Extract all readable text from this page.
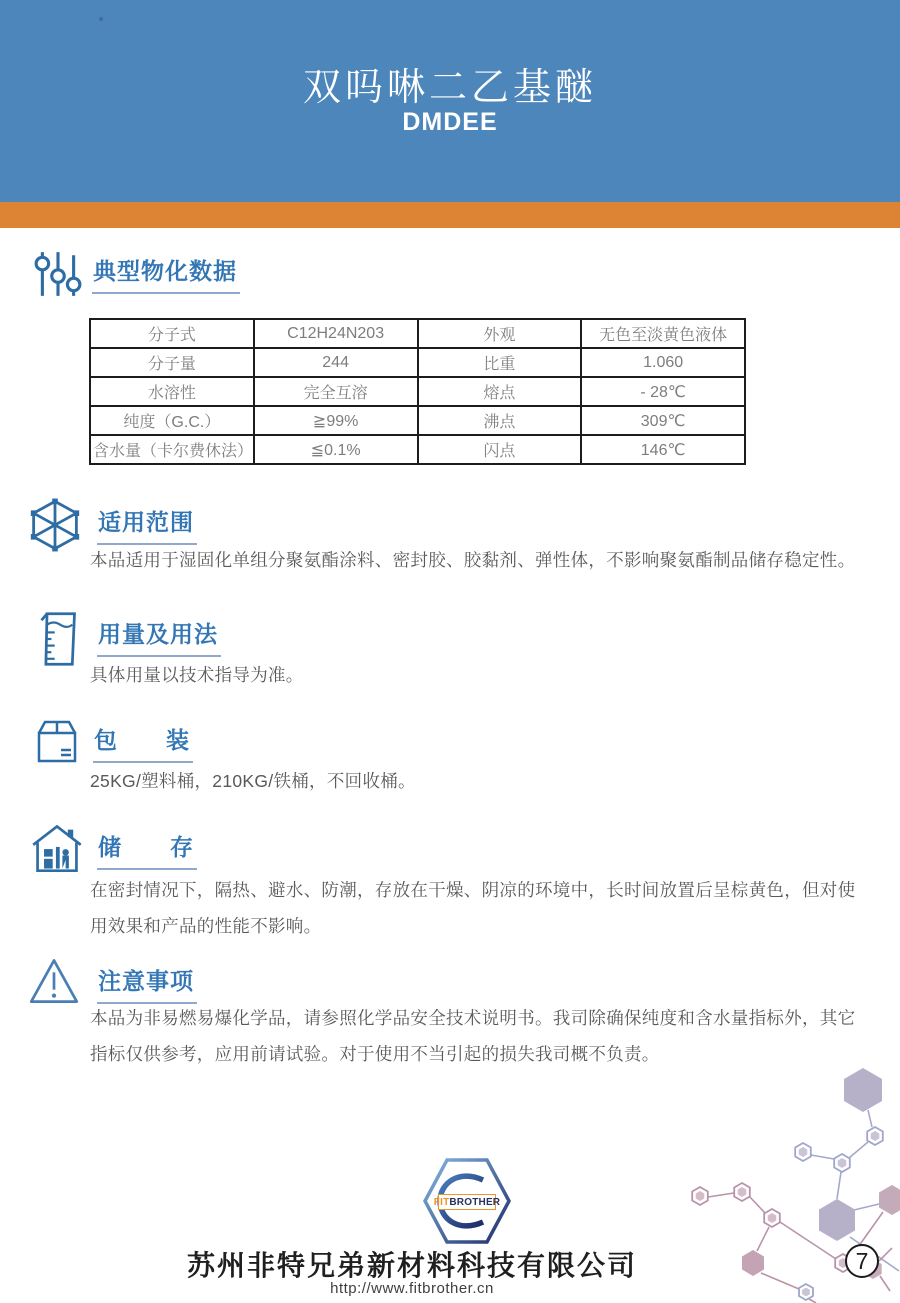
双吗啉二乙基醚
DMDEE
典型物化数据
分子式	C12H24N203	外观	无色至淡黄色液体
分子量	244	比重	1.060
水溶性	完全互溶	熔点	- 28℃
纯度（G.C.）	≧99%	沸点	309℃
含水量（卡尔费休法）	≦0.1%	闪点	146℃
适用范围
本品适用于湿固化单组分聚氨酯涂料、密封胶、胶黏剂、弹性体，不影响聚氨酯制品储存稳定性。
用量及用法
具体用量以技术指导为准。
包　　装
25KG/塑料桶，210KG/铁桶，不回收桶。
储　　存
在密封情况下，隔热、避水、防潮，存放在干燥、阴凉的环境中，长时间放置后呈棕黄色，但对使用效果和产品的性能不影响。
注意事项
本品为非易燃易爆化学品，请参照化学品安全技术说明书。我司除确保纯度和含水量指标外，其它指标仅供参考，应用前请试验。对于使用不当引起的损失我司概不负责。
FIT BROTHER
苏州非特兄弟新材料科技有限公司
http://www.fitbrother.cn
7
